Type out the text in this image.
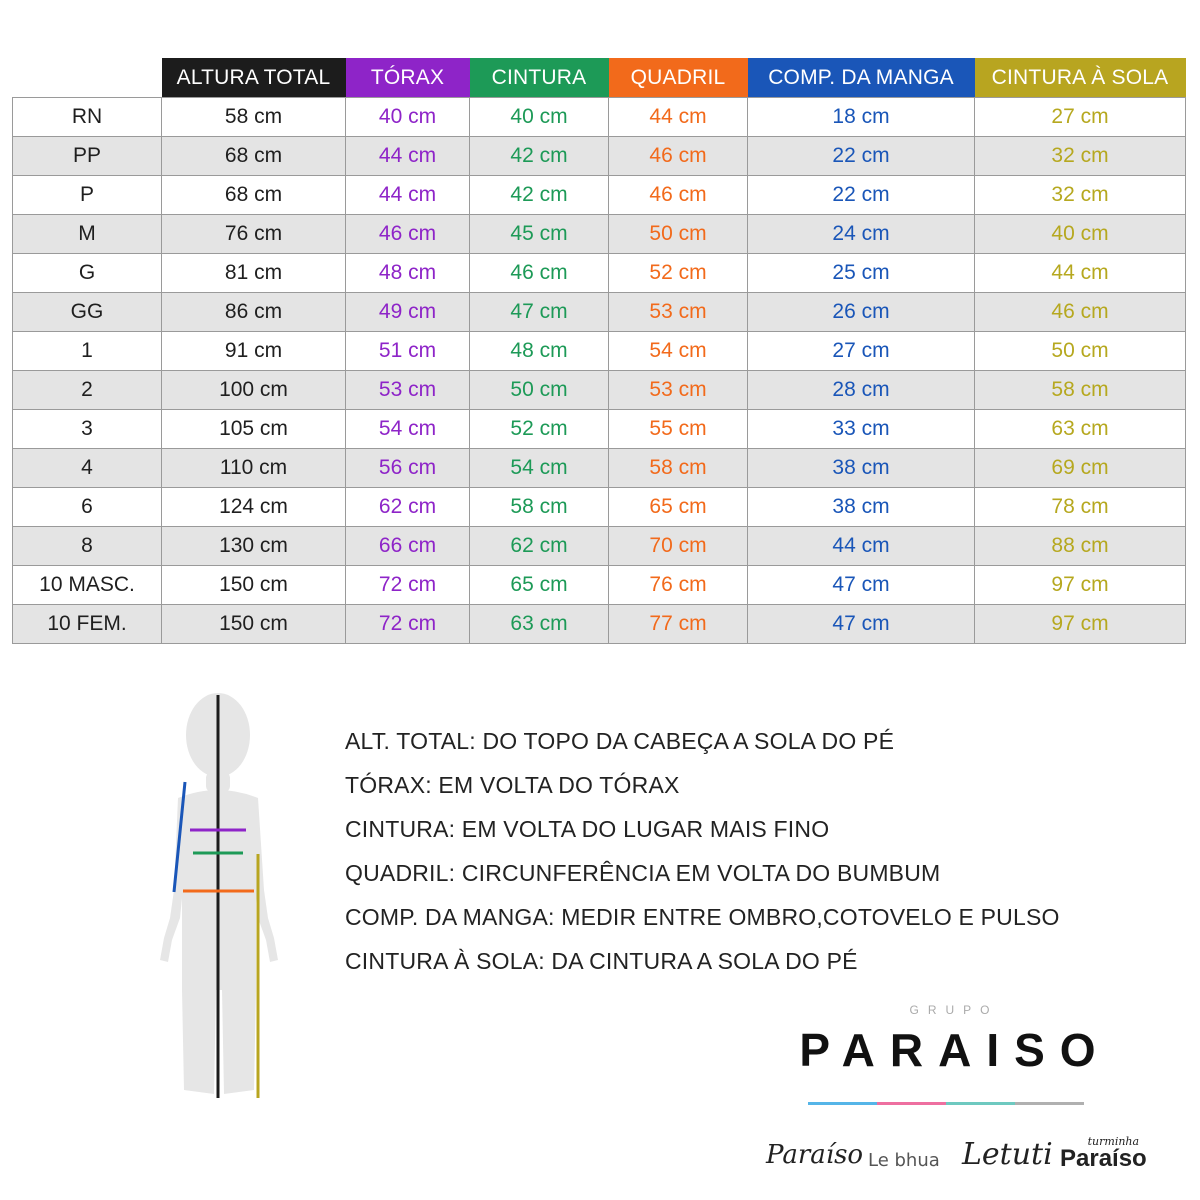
	ALTURA TOTAL	TÓRAX	CINTURA	QUADRIL	COMP. DA MANGA	CINTURA À SOLA
RN	58 cm	40 cm	40 cm	44 cm	18 cm	27 cm
PP	68 cm	44 cm	42 cm	46 cm	22 cm	32 cm
P	68 cm	44 cm	42 cm	46 cm	22 cm	32 cm
M	76 cm	46 cm	45 cm	50 cm	24 cm	40 cm
G	81 cm	48 cm	46 cm	52 cm	25 cm	44 cm
GG	86 cm	49 cm	47 cm	53 cm	26 cm	46 cm
1	91 cm	51 cm	48 cm	54 cm	27 cm	50 cm
2	100 cm	53 cm	50 cm	53 cm	28 cm	58 cm
3	105 cm	54 cm	52 cm	55 cm	33 cm	63 cm
4	110 cm	56 cm	54 cm	58 cm	38 cm	69 cm
6	124 cm	62 cm	58 cm	65 cm	38 cm	78 cm
8	130 cm	66 cm	62 cm	70 cm	44 cm	88 cm
10 MASC.	150 cm	72 cm	65 cm	76 cm	47 cm	97 cm
10 FEM.	150 cm	72 cm	63 cm	77 cm	47 cm	97 cm
ALT. TOTAL: DO TOPO DA CABEÇA A SOLA DO PÉ
TÓRAX: EM VOLTA DO TÓRAX
CINTURA: EM VOLTA DO LUGAR MAIS FINO
QUADRIL: CIRCUNFERÊNCIA EM VOLTA DO BUMBUM
COMP. DA MANGA: MEDIR ENTRE OMBRO,COTOVELO E PULSO
CINTURA À SOLA: DA CINTURA A SOLA DO PÉ
GRUPO
PARAISO
Paraíso Le bhua Letuti	turminha
Paraíso
